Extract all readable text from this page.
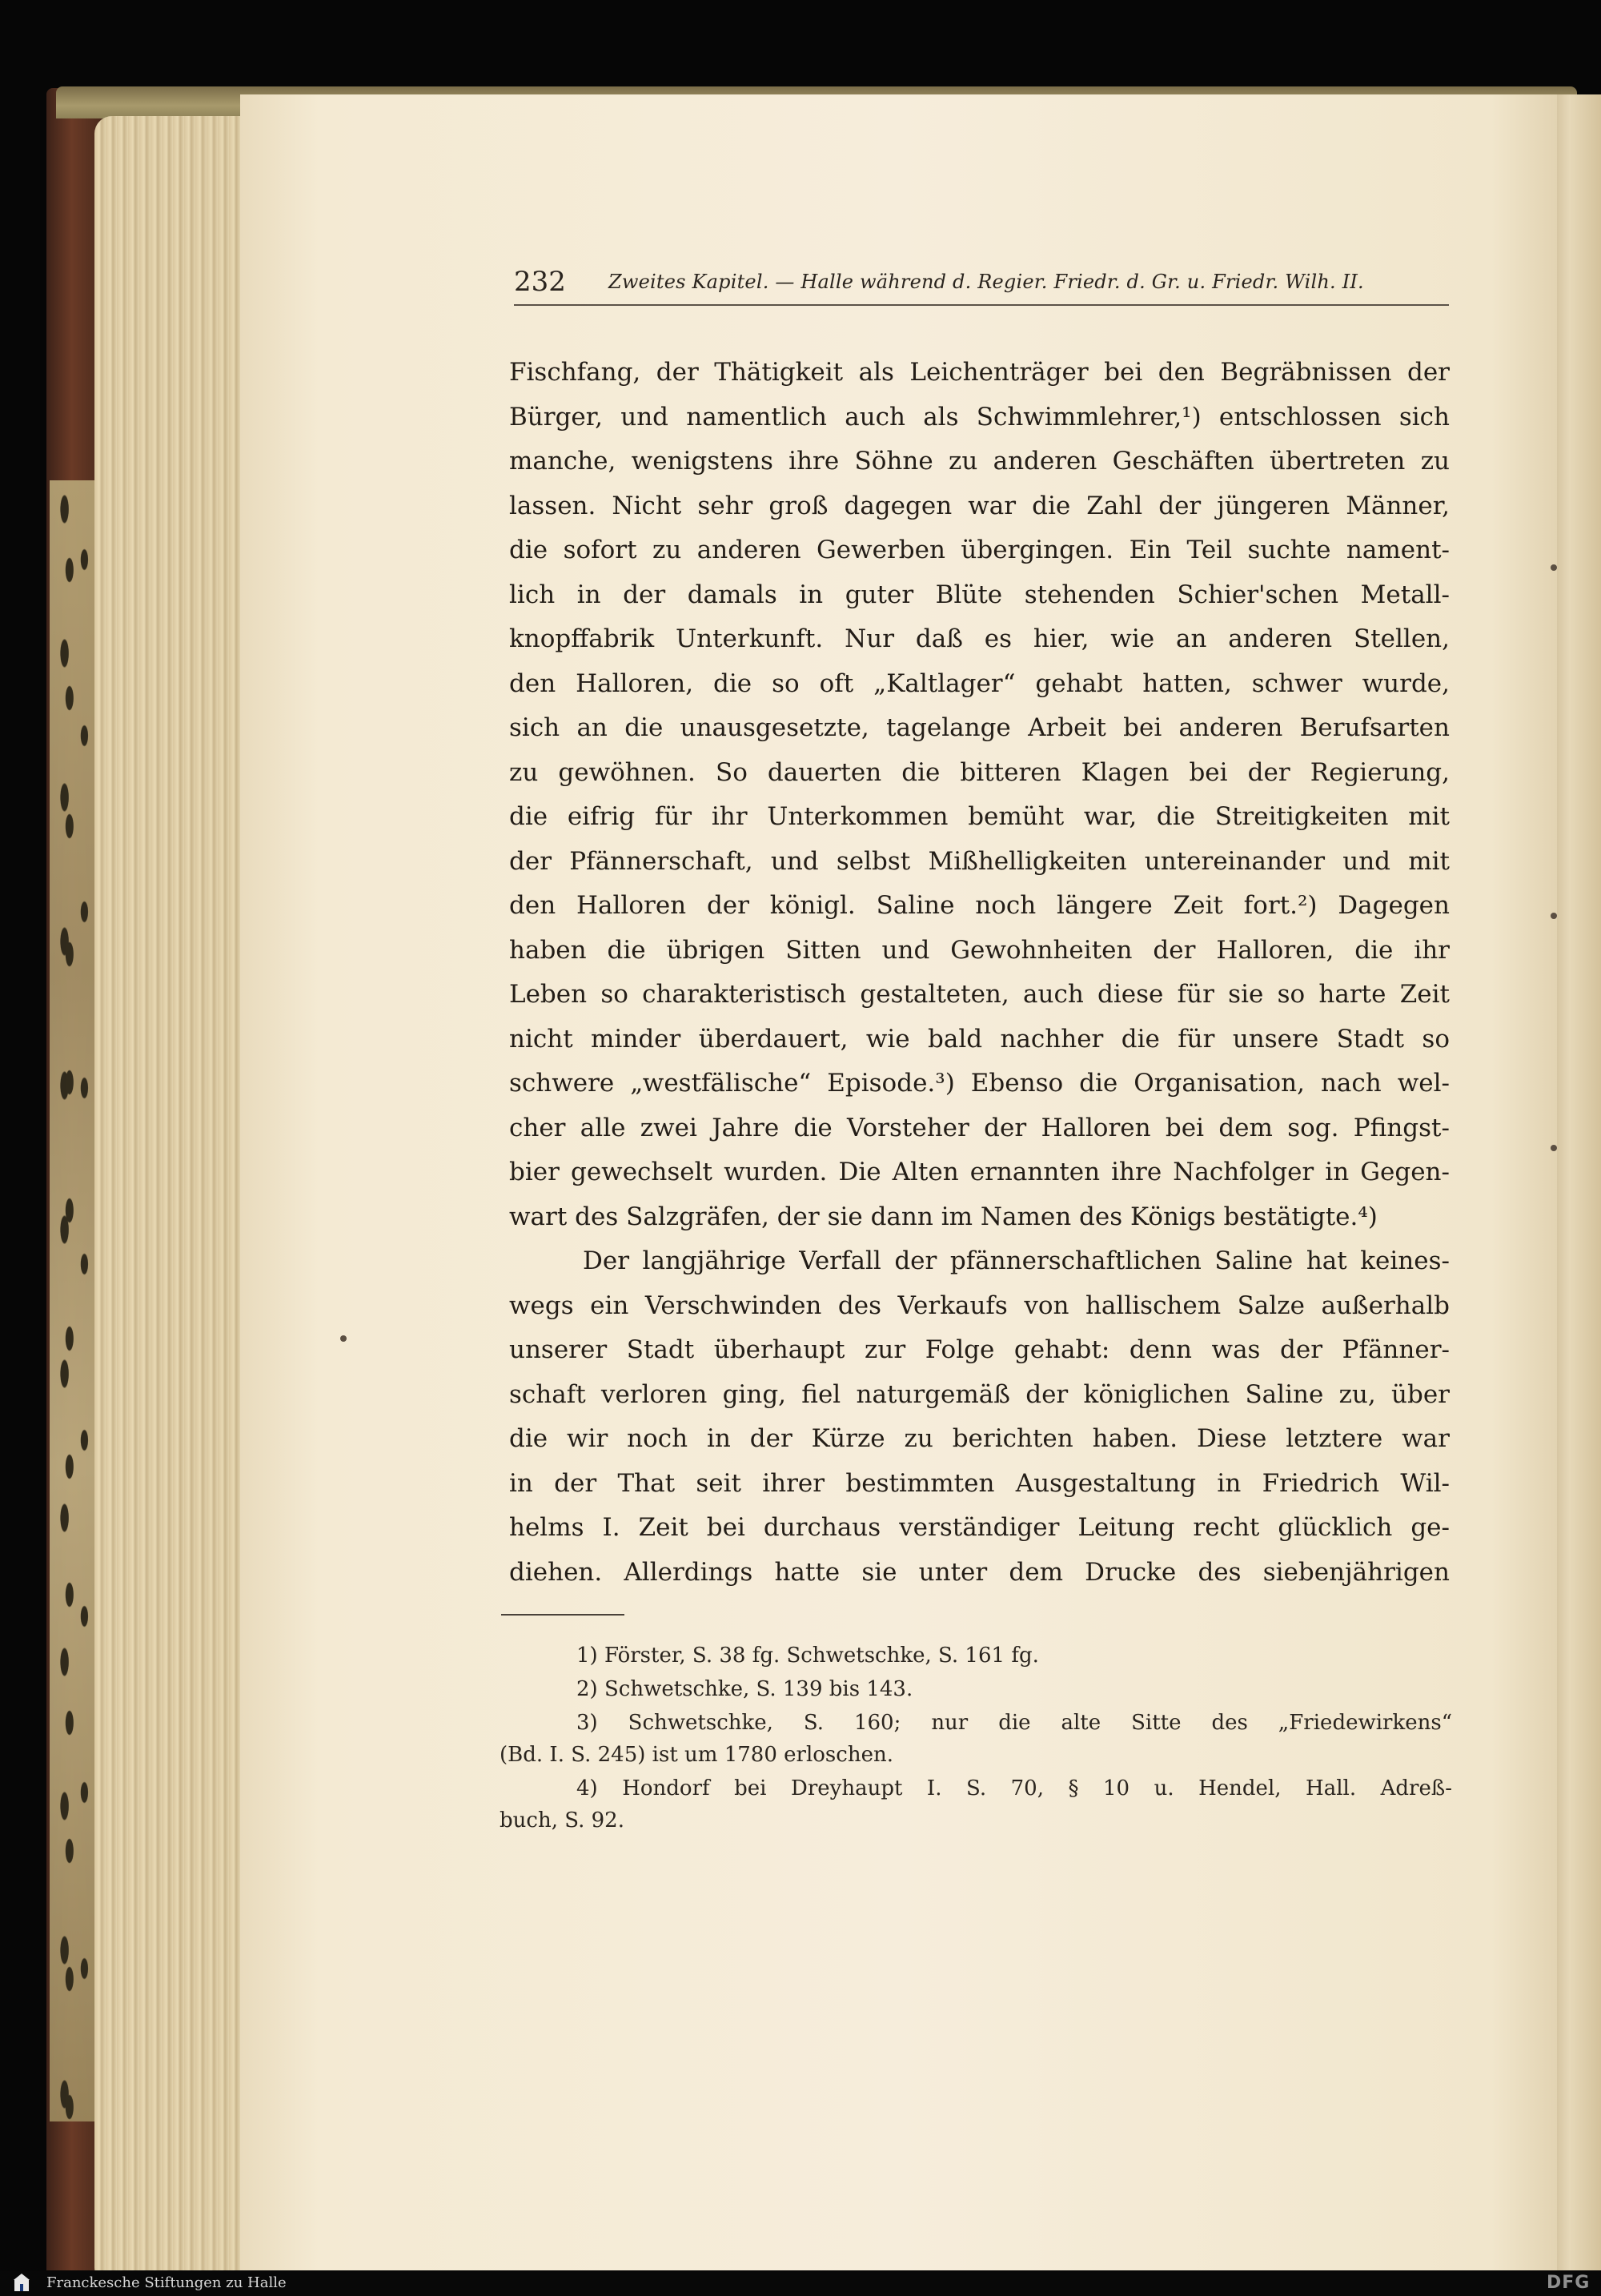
232 Zweites Kapitel. — Halle während d. Regier. Friedr. d. Gr. u. Friedr. Wilh. II.
Fischfang, der Thätigkeit als Leichenträger bei den Begräbnissen der
Bürger, und namentlich auch als Schwimmlehrer,¹) entschlossen sich
manche, wenigstens ihre Söhne zu anderen Geschäften übertreten zu
lassen. Nicht sehr groß dagegen war die Zahl der jüngeren Männer,
die sofort zu anderen Gewerben übergingen. Ein Teil suchte nament-
lich in der damals in guter Blüte stehenden Schier'schen Metall-
knopffabrik Unterkunft. Nur daß es hier, wie an anderen Stellen,
den Halloren, die so oft „Kaltlager“ gehabt hatten, schwer wurde,
sich an die unausgesetzte, tagelange Arbeit bei anderen Berufsarten
zu gewöhnen. So dauerten die bitteren Klagen bei der Regierung,
die eifrig für ihr Unterkommen bemüht war, die Streitigkeiten mit
der Pfännerschaft, und selbst Mißhelligkeiten untereinander und mit
den Halloren der königl. Saline noch längere Zeit fort.²) Dagegen
haben die übrigen Sitten und Gewohnheiten der Halloren, die ihr
Leben so charakteristisch gestalteten, auch diese für sie so harte Zeit
nicht minder überdauert, wie bald nachher die für unsere Stadt so
schwere „westfälische“ Episode.³) Ebenso die Organisation, nach wel-
cher alle zwei Jahre die Vorsteher der Halloren bei dem sog. Pfingst-
bier gewechselt wurden. Die Alten ernannten ihre Nachfolger in Gegen-
wart des Salzgräfen, der sie dann im Namen des Königs bestätigte.⁴)
Der langjährige Verfall der pfännerschaftlichen Saline hat keines-
wegs ein Verschwinden des Verkaufs von hallischem Salze außerhalb
unserer Stadt überhaupt zur Folge gehabt: denn was der Pfänner-
schaft verloren ging, fiel naturgemäß der königlichen Saline zu, über
die wir noch in der Kürze zu berichten haben. Diese letztere war
in der That seit ihrer bestimmten Ausgestaltung in Friedrich Wil-
helms I. Zeit bei durchaus verständiger Leitung recht glücklich ge-
diehen. Allerdings hatte sie unter dem Drucke des siebenjährigen
1) Förster, S. 38 fg. Schwetschke, S. 161 fg.
2) Schwetschke, S. 139 bis 143.
3) Schwetschke, S. 160; nur die alte Sitte des „Friedewirkens“
(Bd. I. S. 245) ist um 1780 erloschen.
4) Hondorf bei Dreyhaupt I. S. 70, § 10 u. Hendel, Hall. Adreß-
buch, S. 92.
Franckesche Stiftungen zu Halle	DFG
